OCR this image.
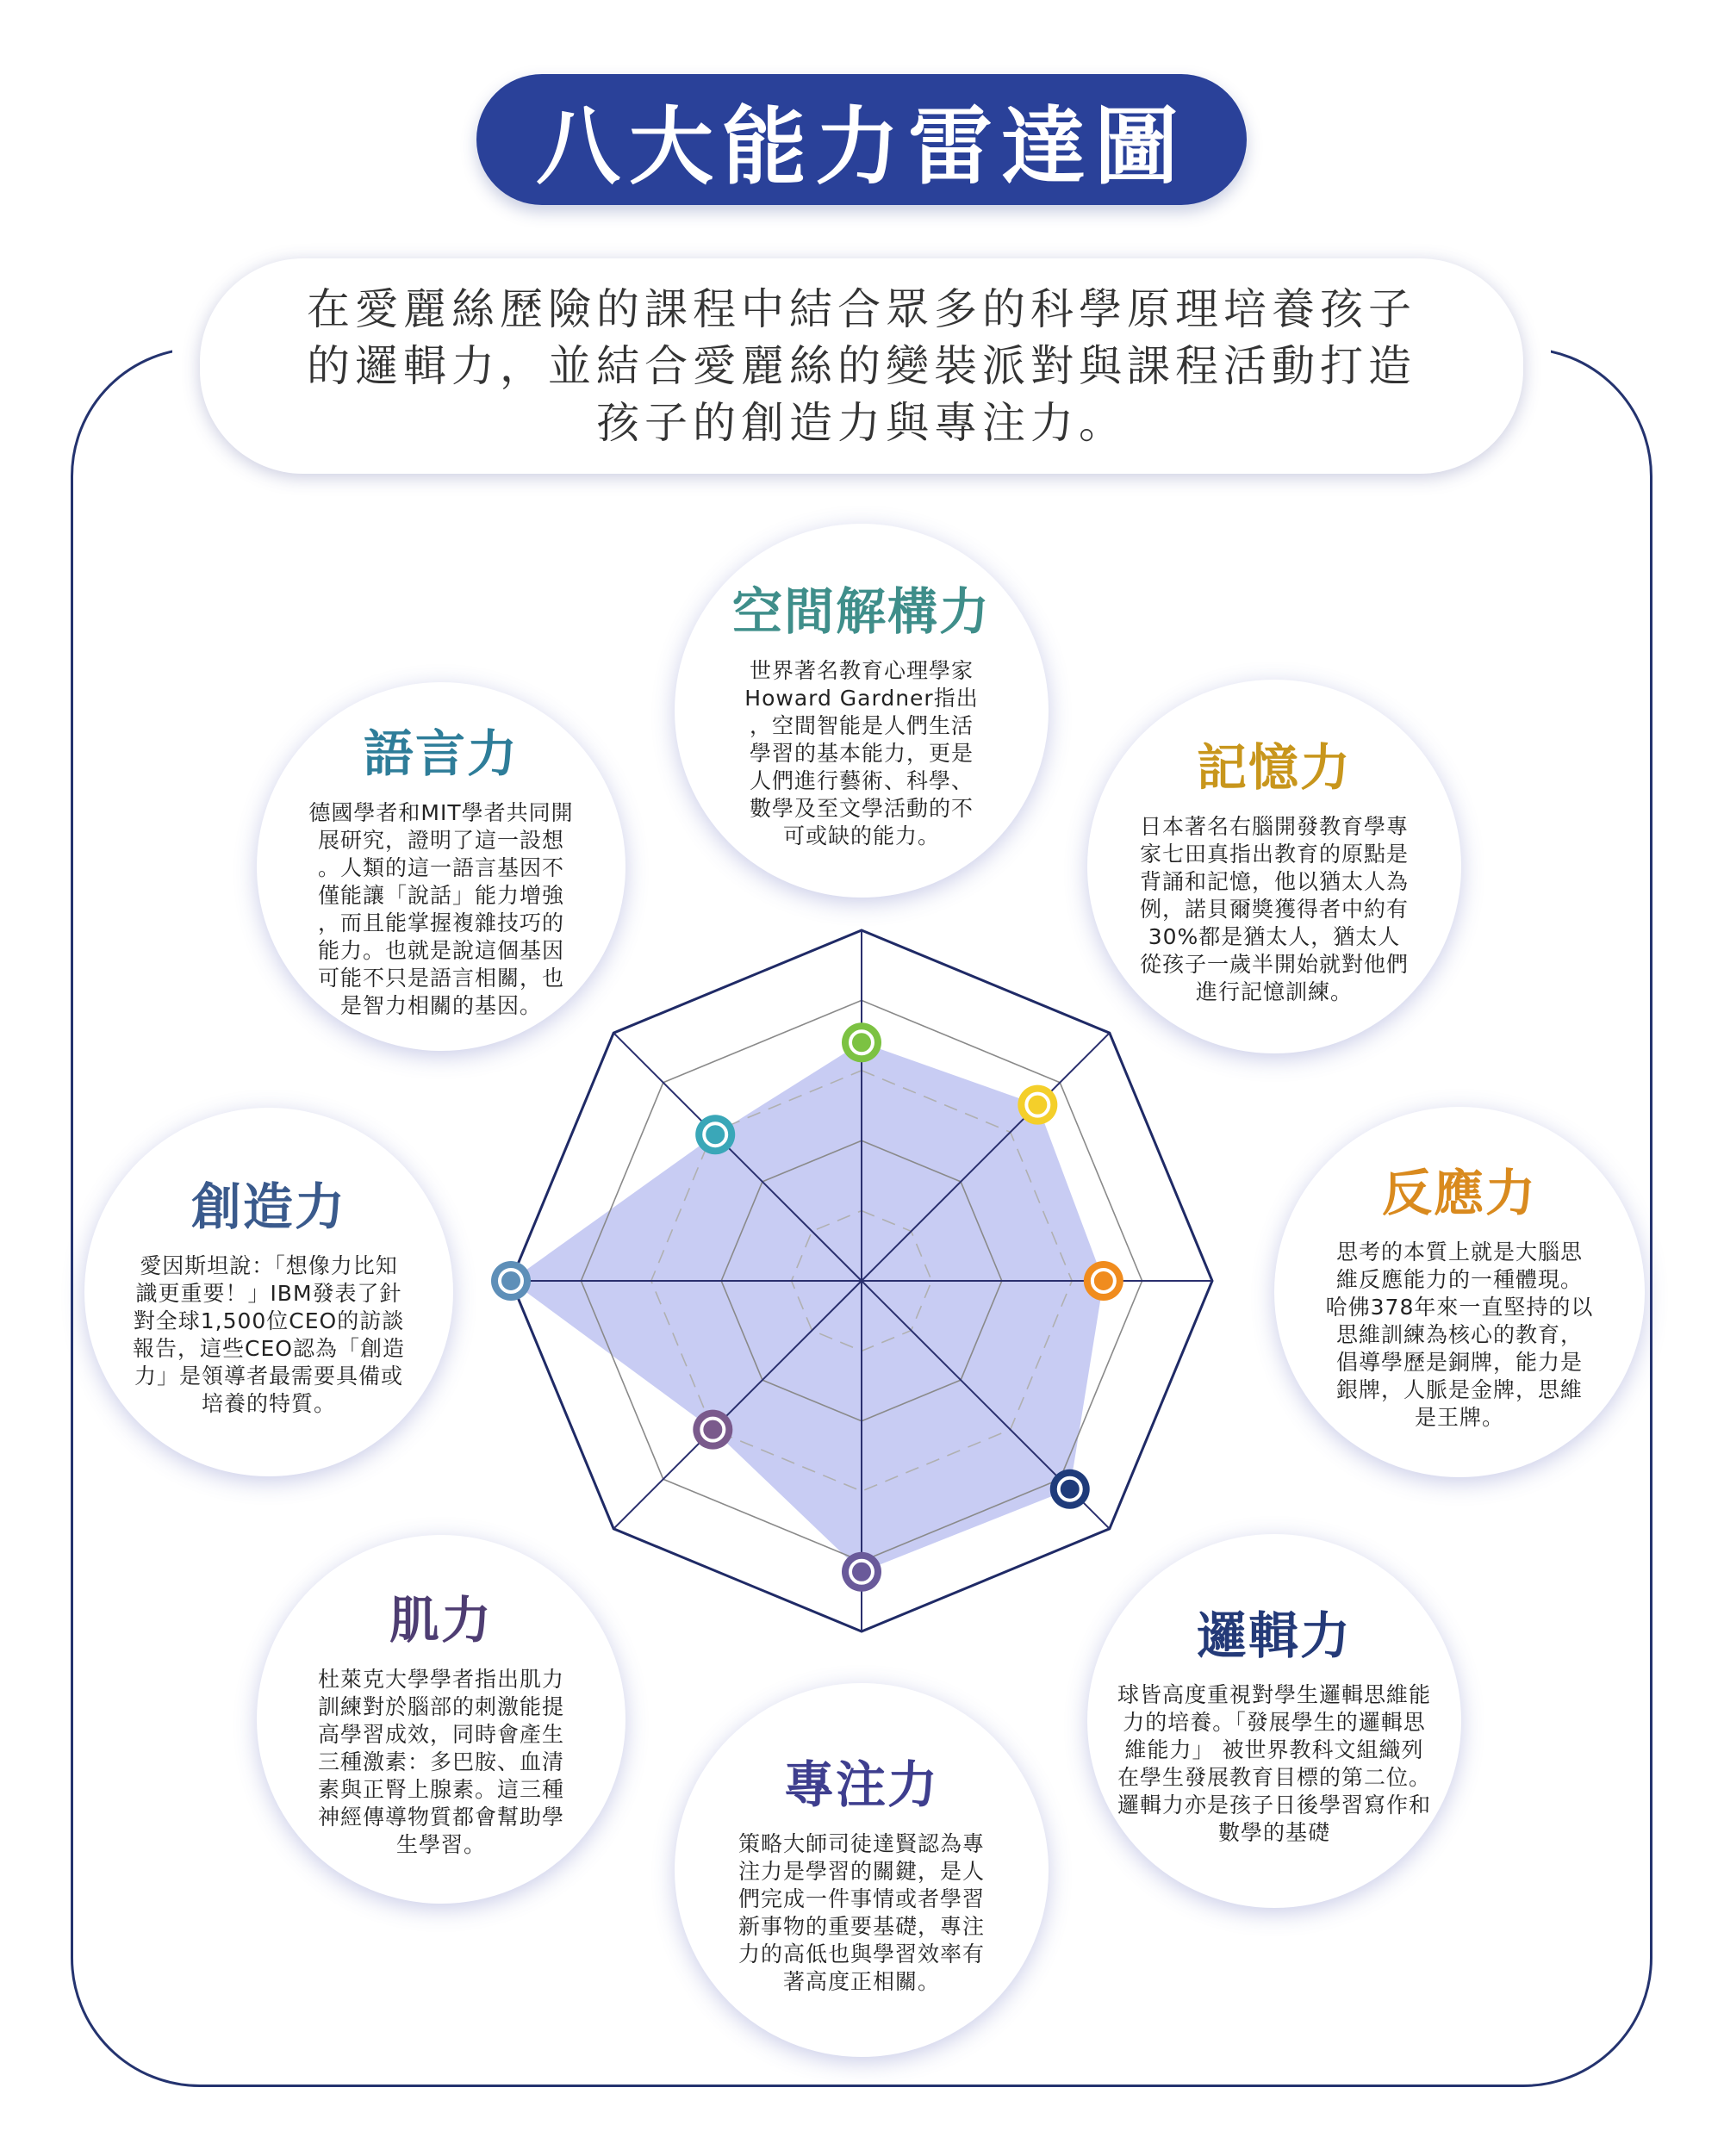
八大能力雷達圖
在愛麗絲歷險的課程中結合眾多的科學原理培養孩子
的邏輯力，並結合愛麗絲的變裝派對與課程活動打造
孩子的創造力與專注力。
空間解構力
世界著名教育心理學家
Howard Gardner指出
，空間智能是人們生活
學習的基本能力，更是
人們進行藝術、科學、
數學及至文學活動的不
可或缺的能力。
記憶力
日本著名右腦開發教育學專
家七田真指出教育的原點是
背誦和記憶，他以猶太人為
例，諾貝爾獎獲得者中約有
30%都是猶太人，猶太人
從孩子一歲半開始就對他們
進行記憶訓練。
反應力
思考的本質上就是大腦思
維反應能力的一種體現。
哈佛378年來一直堅持的以
思維訓練為核心的教育，
倡導學歷是銅牌，能力是
銀牌，人脈是金牌，思維
是王牌。
邏輯力
球皆高度重視對學生邏輯思維能
力的培養。「發展學生的邏輯思
維能力」 被世界教科文組織列
在學生發展教育目標的第二位。
邏輯力亦是孩子日後學習寫作和
數學的基礎
專注力
策略大師司徒達賢認為專
注力是學習的關鍵，是人
們完成一件事情或者學習
新事物的重要基礎，專注
力的高低也與學習效率有
著高度正相關。
肌力
杜萊克大學學者指出肌力
訓練對於腦部的刺激能提
高學習成效，同時會產生
三種激素：多巴胺、血清
素與正腎上腺素。這三種
神經傳導物質都會幫助學
生學習。
創造力
愛因斯坦說：「想像力比知
識更重要！」IBM發表了針
對全球1,500位CEO的訪談
報告，這些CEO認為「創造
力」是領導者最需要具備或
培養的特質。
語言力
德國學者和MIT學者共同開
展研究，證明了這一設想
。人類的這一語言基因不
僅能讓「說話」能力增強
，而且能掌握複雜技巧的
能力。也就是說這個基因
可能不只是語言相關，也
是智力相關的基因。
